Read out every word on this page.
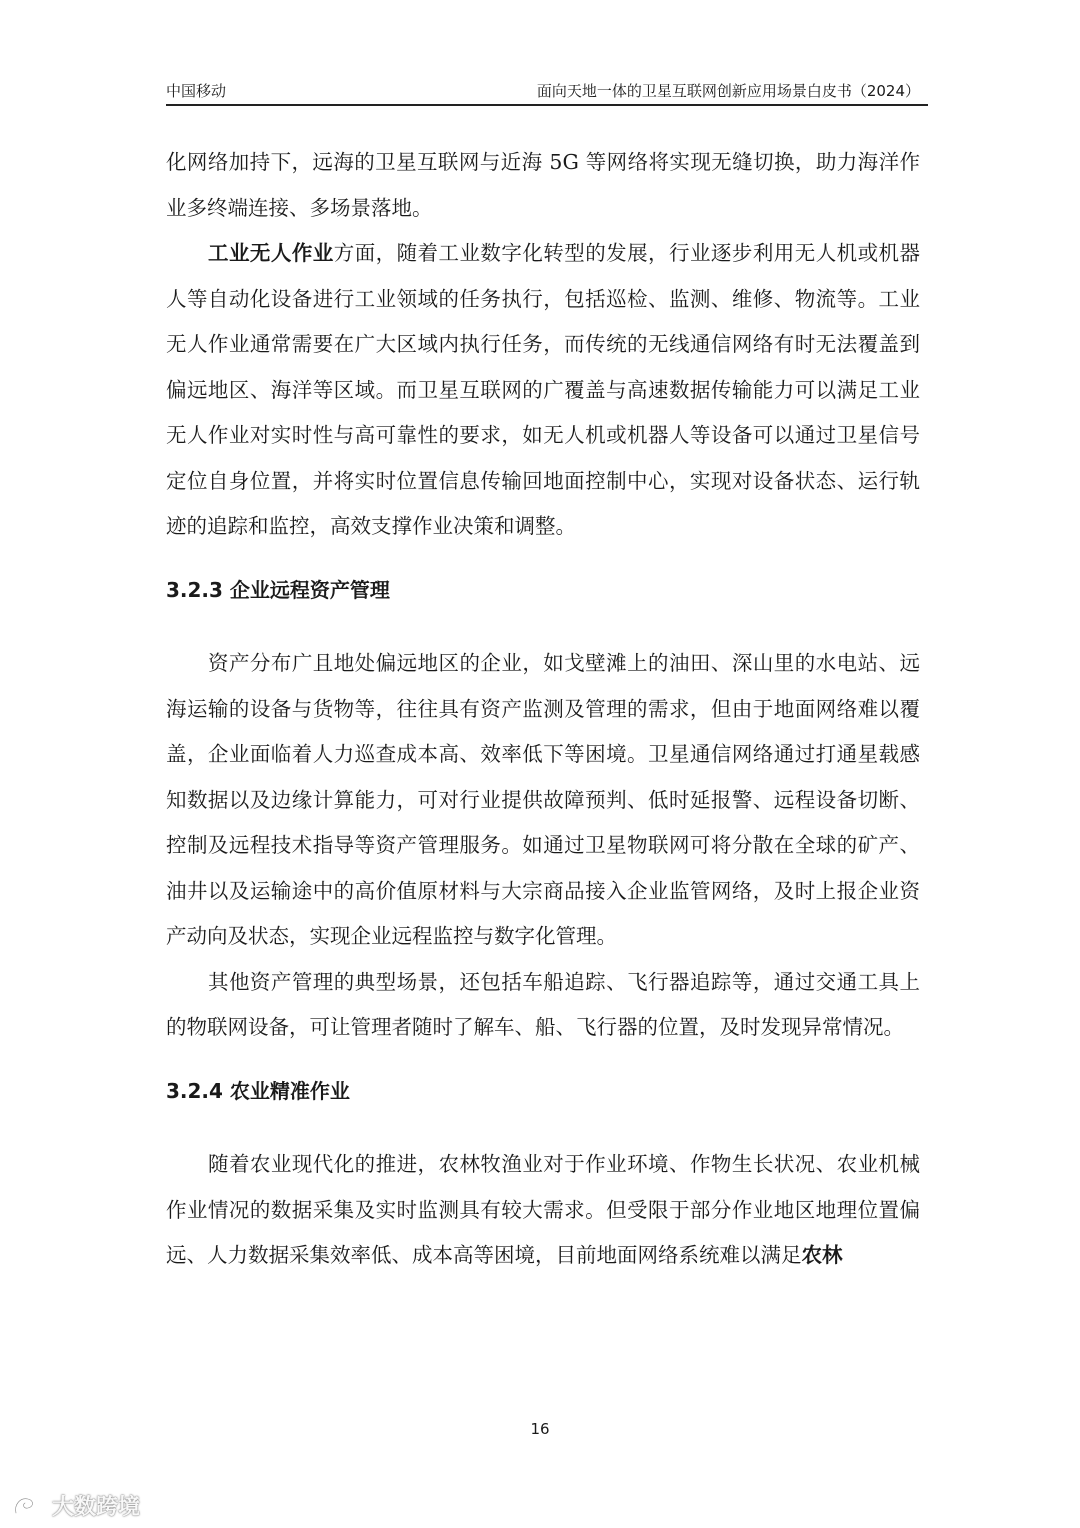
中国移动	面向天地一体的卫星互联网创新应用场景白皮书（2024）

化网络加持下，远海的卫星互联网与近海 5G 等网络将实现无缝切换，助力海洋作业多终端连接、多场景落地。

工业无人作业方面，随着工业数字化转型的发展，行业逐步利用无人机或机器人等自动化设备进行工业领域的任务执行，包括巡检、监测、维修、物流等。工业无人作业通常需要在广大区域内执行任务，而传统的无线通信网络有时无法覆盖到偏远地区、海洋等区域。而卫星互联网的广覆盖与高速数据传输能力可以满足工业无人作业对实时性与高可靠性的要求，如无人机或机器人等设备可以通过卫星信号定位自身位置，并将实时位置信息传输回地面控制中心，实现对设备状态、运行轨迹的追踪和监控，高效支撑作业决策和调整。

3.2.3 企业远程资产管理

资产分布广且地处偏远地区的企业，如戈壁滩上的油田、深山里的水电站、远海运输的设备与货物等，往往具有资产监测及管理的需求，但由于地面网络难以覆盖，企业面临着人力巡查成本高、效率低下等困境。卫星通信网络通过打通星载感知数据以及边缘计算能力，可对行业提供故障预判、低时延报警、远程设备切断、控制及远程技术指导等资产管理服务。如通过卫星物联网可将分散在全球的矿产、油井以及运输途中的高价值原材料与大宗商品接入企业监管网络，及时上报企业资产动向及状态，实现企业远程监控与数字化管理。

其他资产管理的典型场景，还包括车船追踪、飞行器追踪等，通过交通工具上的物联网设备，可让管理者随时了解车、船、飞行器的位置，及时发现异常情况。

3.2.4 农业精准作业

随着农业现代化的推进，农林牧渔业对于作业环境、作物生长状况、农业机械作业情况的数据采集及实时监测具有较大需求。但受限于部分作业地区地理位置偏远、人力数据采集效率低、成本高等困境，目前地面网络系统难以满足农林

16
大数跨境
